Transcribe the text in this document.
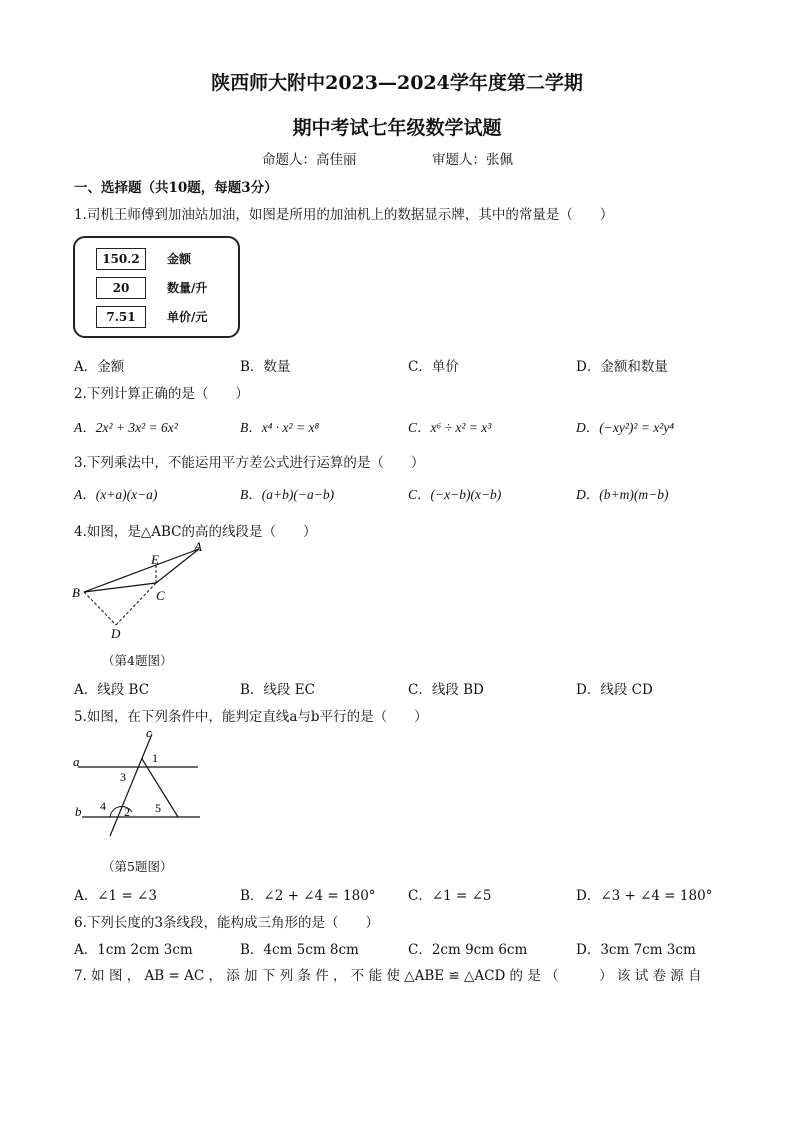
陕西师大附中2023—2024学年度第二学期
期中考试七年级数学试题
命题人：高佳丽	审题人：张佩
一、选择题（共10题，每题3分）
1.司机王师傅到加油站加油，如图是所用的加油机上的数据显示牌，其中的常量是（　　）
150.2	金额
20	数量/升
7.51	单价/元
A．金额	B．数量	C．单价	D．金额和数量
2.下列计算正确的是（　　）
A．2x² + 3x² = 6x²	B．x⁴ · x² = x⁸	C．x⁶ ÷ x² = x³	D．(−xy²)² = x²y⁴
3.下列乘法中，不能运用平方差公式进行运算的是（　　）
A．(x+a)(x−a)	B．(a+b)(−a−b)	C．(−x−b)(x−b)	D．(b+m)(m−b)
4.如图，是△ABC的高的线段是（　　）
A
B	C
D
E
（第4题图）
A．线段 BC	B．线段 EC	C．线段 BD	D．线段 CD
5.如图，在下列条件中，能判定直线a与b平行的是（　　）
a
b
c
1
2
3
4	5
（第5题图）
A．∠1 = ∠3	B．∠2 + ∠4 = 180° C．∠1 = ∠5	D．∠3 + ∠4 = 180°
6.下列长度的3条线段，能构成三角形的是（　　）
A．1cm 2cm 3cm	B．4cm 5cm 8cm	C．2cm 9cm 6cm	D．3cm 7cm 3cm
7. 如 图 ， AB = AC ， 添 加 下 列 条 件 ， 不 能 使 △ABE ≌ △ACD 的 是 （　　　） 该 试 卷 源 自
